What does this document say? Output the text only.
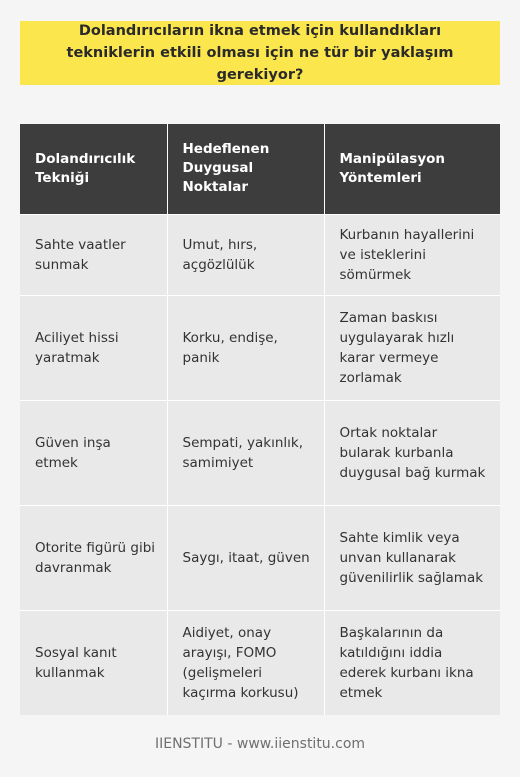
Dolandırıcıların ikna etmek için kullandıkları tekniklerin etkili olması için ne tür bir yaklaşım gerekiyor?
Dolandırıcılık Tekniği	Hedeflenen Duygusal Noktalar	Manipülasyon Yöntemleri
Sahte vaatler sunmak	Umut, hırs, açgözlülük	Kurbanın hayallerini ve isteklerini sömürmek
Aciliyet hissi yaratmak	Korku, endişe, panik	Zaman baskısı uygulayarak hızlı karar vermeye zorlamak
Güven inşa etmek	Sempati, yakınlık, samimiyet	Ortak noktalar bularak kurbanla duygusal bağ kurmak
Otorite figürü gibi davranmak	Saygı, itaat, güven	Sahte kimlik veya unvan kullanarak güvenilirlik sağlamak
Sosyal kanıt kullanmak	Aidiyet, onay arayışı, FOMO (gelişmeleri kaçırma korkusu)	Başkalarının da katıldığını iddia ederek kurbanı ikna etmek
IIENSTITU - www.iienstitu.com
